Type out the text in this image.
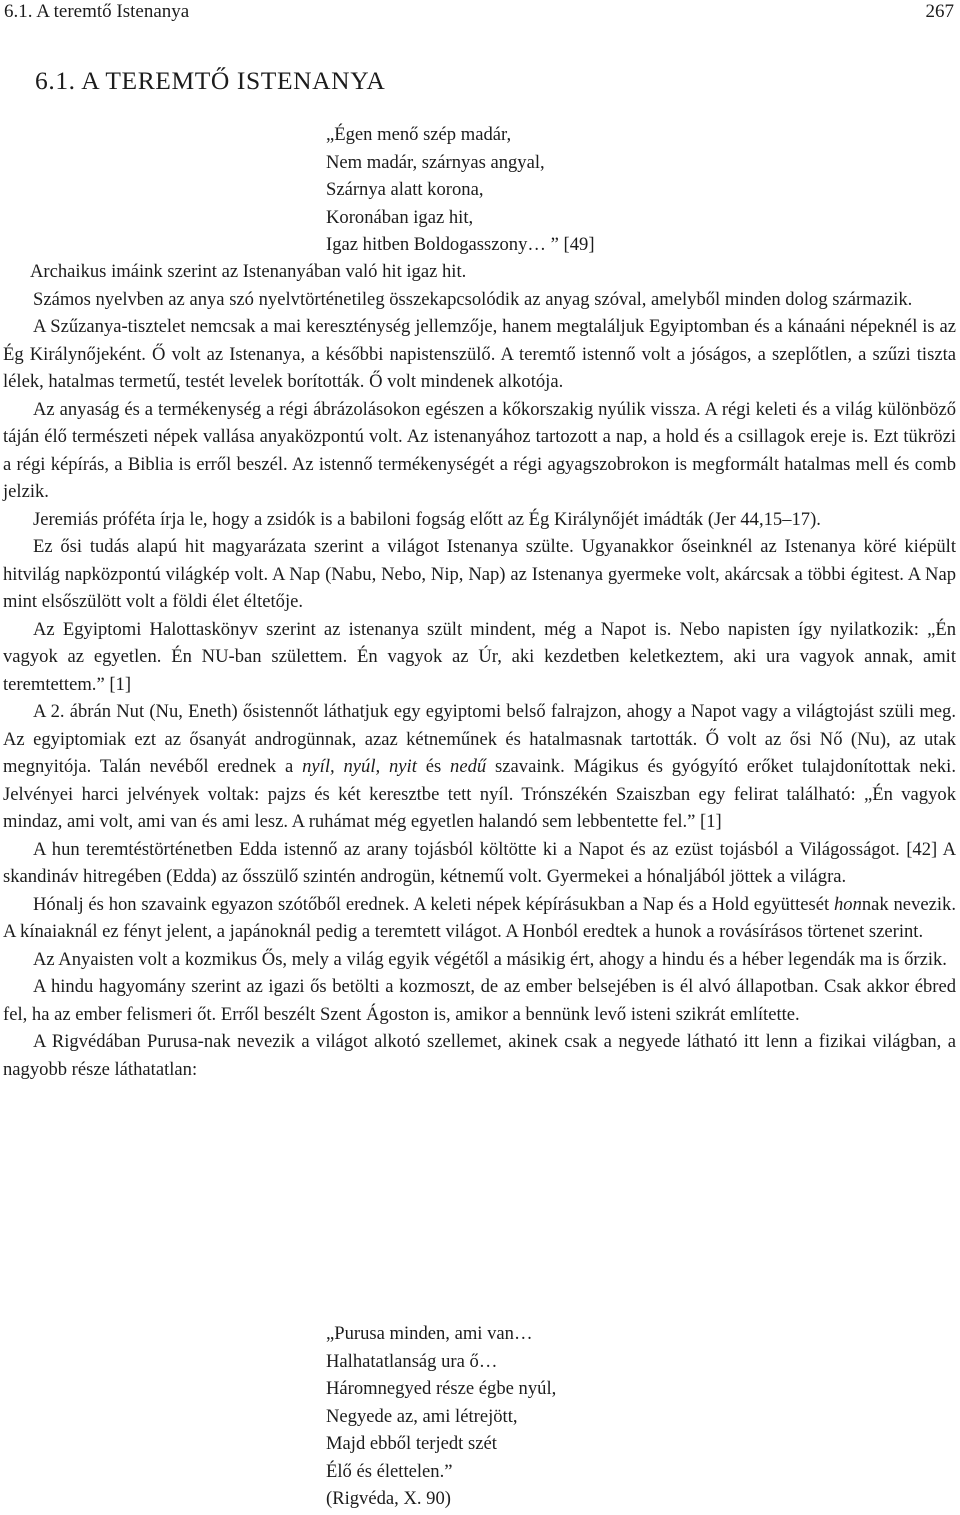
6.1. A teremtő Istenanya	267
6.1. A TEREMTŐ ISTENANYA
„Égen menő szép madár,
Nem madár, szárnyas angyal,
Szárnya alatt korona,
Koronában igaz hit,
Igaz hitben Boldogasszony… ” [49]

Archaikus imáink szerint az Istenanyában való hit igaz hit.

Számos nyelvben az anya szó nyelvtörténetileg összekapcsolódik az anyag szóval, amelyből minden dolog származik.

A Szűzanya-tisztelet nemcsak a mai kereszténység jellemzője, hanem megtaláljuk Egyiptomban és a kánaáni népeknél is az Ég Királynőjeként. Ő volt az Istenanya, a későbbi napistenszülő. A teremtő istennő volt a jóságos, a szeplőtlen, a szűzi tiszta lélek, hatalmas termetű, testét levelek borították. Ő volt mindenek alkotója.

Az anyaság és a termékenység a régi ábrázolásokon egészen a kőkorszakig nyúlik vissza. A régi keleti és a világ különböző táján élő természeti népek vallása anyaközpontú volt. Az istenanyához tartozott a nap, a hold és a csillagok ereje is. Ezt tükrözi a régi képírás, a Biblia is erről beszél. Az istennő termékenységét a régi agyagszobrokon is megformált hatalmas mell és comb jelzik.

Jeremiás próféta írja le, hogy a zsidók is a babiloni fogság előtt az Ég Királynőjét imádták (Jer 44,15–17).

Ez ősi tudás alapú hit magyarázata szerint a világot Istenanya szülte. Ugyanakkor őseinknél az Istenanya köré kiépült hitvilág napközpontú világkép volt. A Nap (Nabu, Nebo, Nip, Nap) az Istenanya gyermeke volt, akárcsak a többi égitest. A Nap mint elsőszülött volt a földi élet éltetője.

Az Egyiptomi Halottaskönyv szerint az istenanya szült mindent, még a Napot is. Nebo napisten így nyilatkozik: „Én vagyok az egyetlen. Én NU-ban születtem. Én vagyok az Úr, aki kezdetben keletkeztem, aki ura vagyok annak, amit teremtettem.” [1]

A 2. ábrán Nut (Nu, Eneth) ősistennőt láthatjuk egy egyiptomi belső falrajzon, ahogy a Napot vagy a világtojást szüli meg. Az egyiptomiak ezt az ősanyát androgünnak, azaz kétneműnek és hatalmasnak tartották. Ő volt az ősi Nő (Nu), az utak megnyitója. Talán nevéből erednek a nyíl, nyúl, nyit és nedű szavaink. Mágikus és gyógyító erőket tulajdonítottak neki. Jelvényei harci jelvények voltak: pajzs és két keresztbe tett nyíl. Trónszékén Szaiszban egy felirat található: „Én vagyok mindaz, ami volt, ami van és ami lesz. A ruhámat még egyetlen halandó sem lebbentette fel.” [1]

A hun teremtéstörténetben Edda istennő az arany tojásból költötte ki a Napot és az ezüst tojásból a Világosságot. [42] A skandináv hitregében (Edda) az ősszülő szintén androgün, kétnemű volt. Gyermekei a hónaljából jöttek a világra.

Hónalj és hon szavaink egyazon szótőből erednek. A keleti népek képírásukban a Nap és a Hold együttesét honnak nevezik. A kínaiaknál ez fényt jelent, a japánoknál pedig a teremtett világot. A Honból eredtek a hunok a rovásírásos törtenet szerint.

Az Anyaisten volt a kozmikus Ős, mely a világ egyik végétől a másikig ért, ahogy a hindu és a héber legendák ma is őrzik.

A hindu hagyomány szerint az igazi ős betölti a kozmoszt, de az ember belsejében is él alvó állapotban. Csak akkor ébred fel, ha az ember felismeri őt. Erről beszélt Szent Ágoston is, amikor a bennünk levő isteni szikrát említette.

A Rigvédában Purusa-nak nevezik a világot alkotó szellemet, akinek csak a negyede látható itt lenn a fizikai világban, a nagyobb része láthatatlan:

„Purusa minden, ami van…
Halhatatlanság ura ő…
Háromnegyed része égbe nyúl,
Negyede az, ami létrejött,
Majd ebből terjedt szét
Élő és élettelen.”
(Rigvéda, X. 90)
